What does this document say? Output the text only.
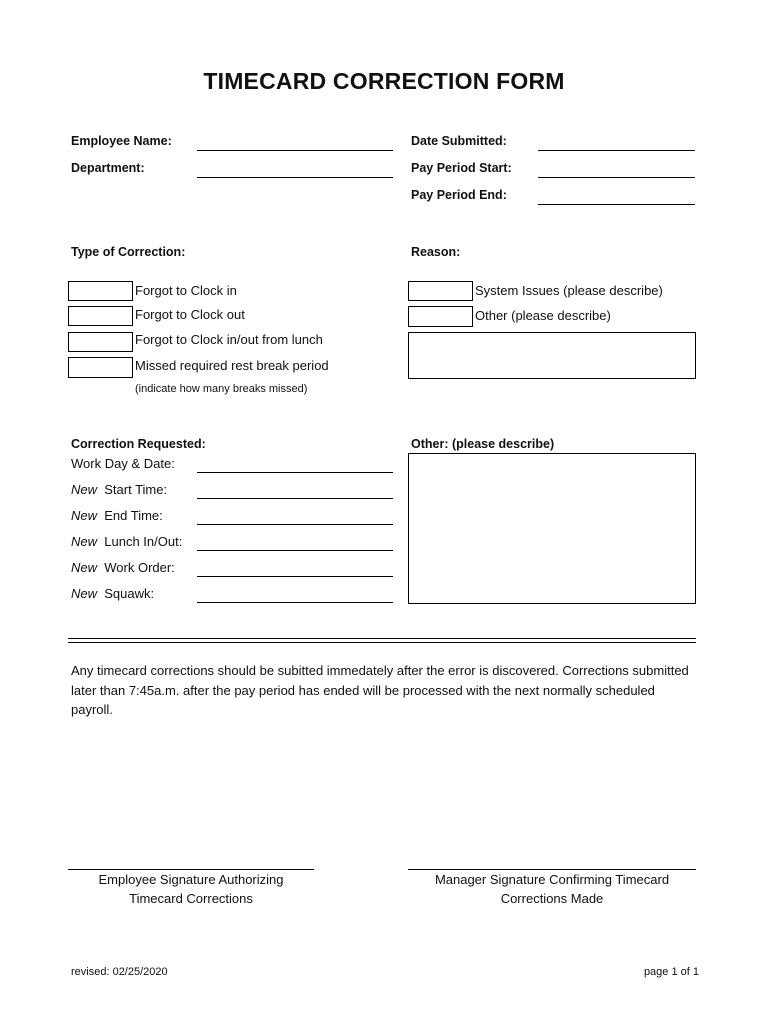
TIMECARD CORRECTION FORM
Employee Name:
Department:
Date Submitted:
Pay Period Start:
Pay Period End:
Type of Correction:
Forgot to Clock in
Forgot to Clock out
Forgot to Clock in/out from lunch
Missed required rest break period
(indicate how many breaks missed)
Reason:
System Issues (please describe)
Other (please describe)
Correction Requested:
Work Day & Date:
New Start Time:
New End Time:
New Lunch In/Out:
New Work Order:
New Squawk:
Other: (please describe)
Any timecard corrections should be subitted immedately after the error is discovered. Corrections submitted later than 7:45a.m. after the pay period has ended will be processed with the next normally scheduled payroll.
Employee Signature Authorizing
Timecard Corrections
Manager Signature Confirming Timecard
Corrections Made
revised: 02/25/2020	page 1 of 1
